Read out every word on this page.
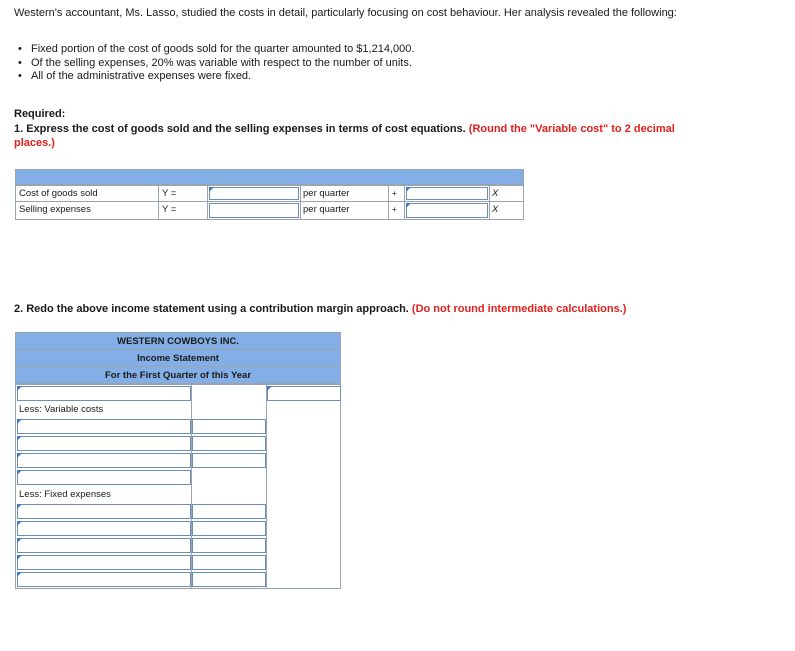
Western's accountant, Ms. Lasso, studied the costs in detail, particularly focusing on cost behaviour. Her analysis revealed the following:
• Fixed portion of the cost of goods sold for the quarter amounted to $1,214,000.
• Of the selling expenses, 20% was variable with respect to the number of units.
• All of the administrative expenses were fixed.
Required:
1. Express the cost of goods sold and the selling expenses in terms of cost equations. (Round the "Variable cost" to 2 decimal places.)
Cost of goods sold	Y =	per quarter	+	X
Selling expenses	Y =	per quarter	+	X
2. Redo the above income statement using a contribution margin approach. (Do not round intermediate calculations.)
WESTERN COWBOYS INC.
Income Statement
For the First Quarter of this Year
Less: Variable costs
Less: Fixed expenses
